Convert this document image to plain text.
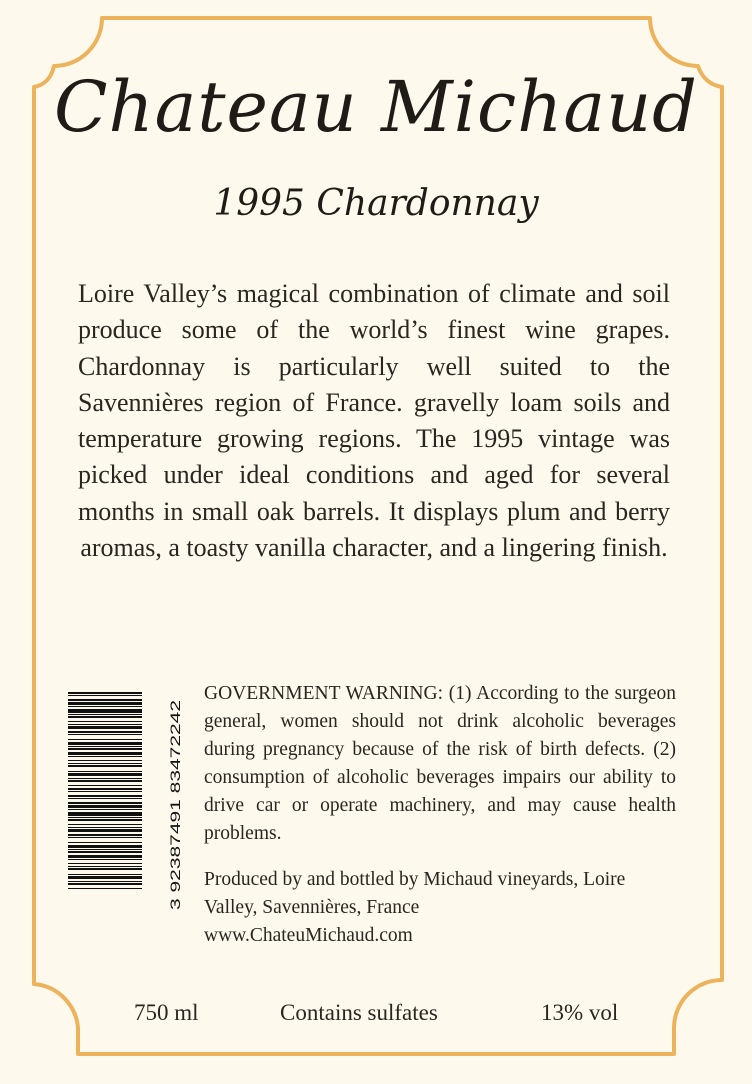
Chateau Michaud
1995 Chardonnay
Loire Valley’s magical combination of climate and soil produce some of the world’s finest wine grapes. Chardonnay is particularly well suited to the Savennières region of France. gravelly loam soils and temperature growing regions. The 1995 vintage was picked under ideal conditions and aged for several months in small oak barrels. It displays plum and berry aromas, a toasty vanilla character, and a lingering finish.
3 92387491 83472242
GOVERNMENT WARNING: (1) According to the surgeon general, women should not drink alcoholic beverages during pregnancy because of the risk of birth defects. (2) consumption of alcoholic beverages impairs our ability to drive car or operate machinery, and may cause health problems.
Produced by and bottled by Michaud vineyards, Loire
Valley, Savennières, France
www.ChateuMichaud.com
750 ml	Contains sulfates	13% vol
